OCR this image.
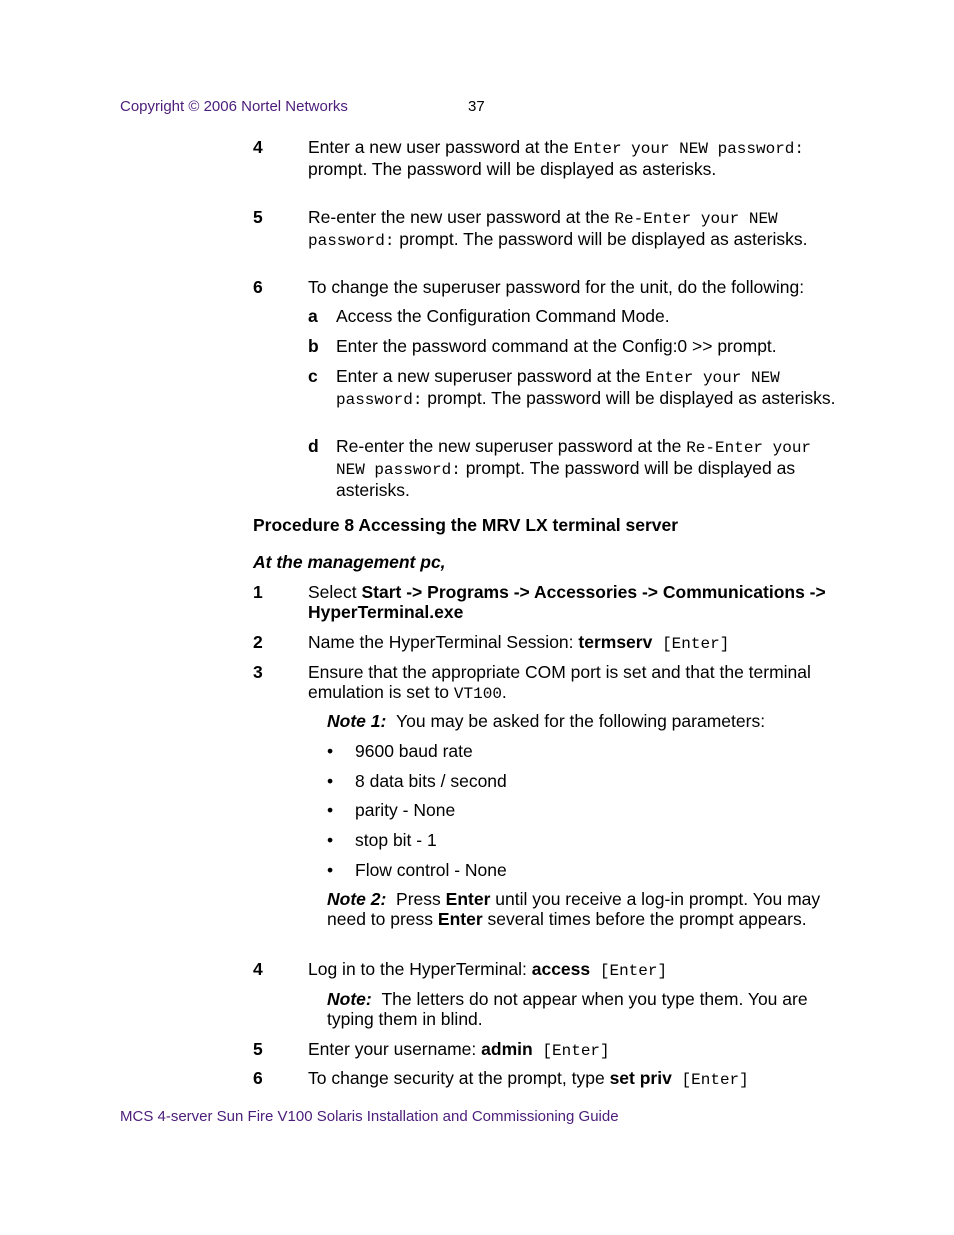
Copyright © 2006 Nortel Networks	37
4	Enter a new user password at the Enter your NEW password: prompt. The password will be displayed as asterisks.
5	Re-enter the new user password at the Re-Enter your NEW password: prompt. The password will be displayed as asterisks.
6	To change the superuser password for the unit, do the following:
a Access the Configuration Command Mode.
b Enter the password command at the Config:0 >> prompt.
c Enter a new superuser password at the Enter your NEW password: prompt. The password will be displayed as asterisks.
d Re-enter the new superuser password at the Re-Enter your NEW password: prompt. The password will be displayed as asterisks.
Procedure 8 Accessing the MRV LX terminal server
At the management pc,
1	Select Start -> Programs -> Accessories -> Communications -> HyperTerminal.exe
2	Name the HyperTerminal Session: termserv [Enter]
3	Ensure that the appropriate COM port is set and that the terminal emulation is set to VT100.
Note 1: You may be asked for the following parameters:
• 9600 baud rate
• 8 data bits / second
• parity - None
• stop bit - 1
• Flow control - None
Note 2: Press Enter until you receive a log-in prompt. You may need to press Enter several times before the prompt appears.
4	Log in to the HyperTerminal: access [Enter]
Note: The letters do not appear when you type them. You are typing them in blind.
5	Enter your username: admin [Enter]
6	To change security at the prompt, type set priv [Enter]
MCS 4-server Sun Fire V100 Solaris Installation and Commissioning Guide
